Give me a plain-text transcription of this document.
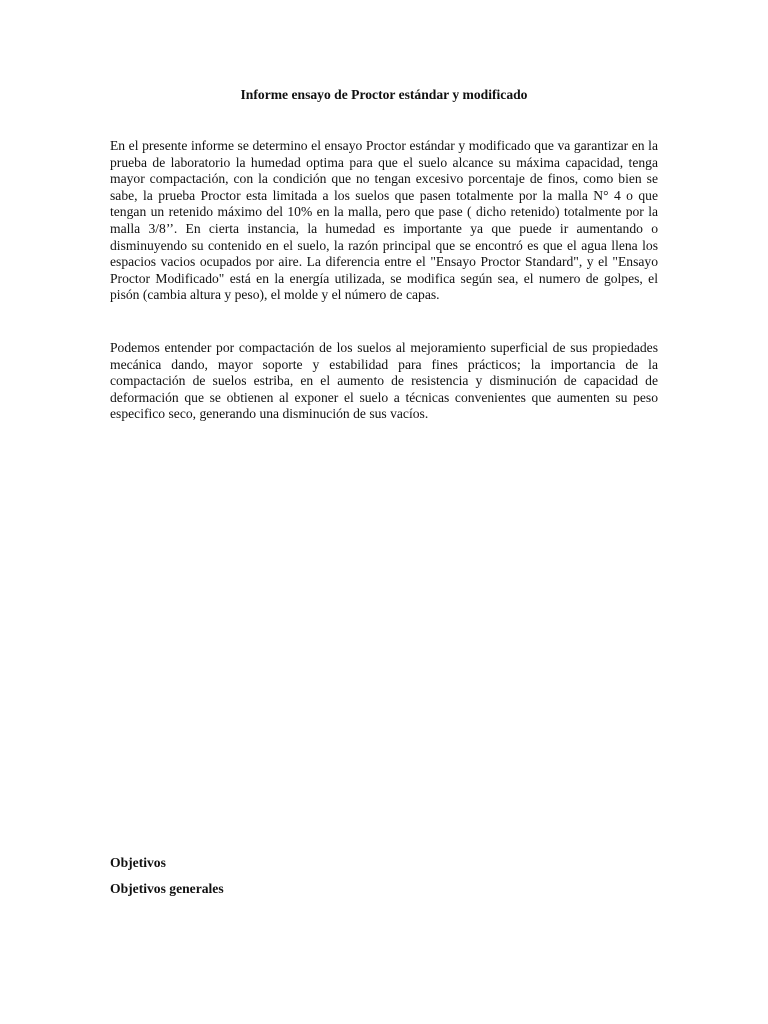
Informe ensayo de Proctor estándar y modificado

En el presente informe se determino el ensayo Proctor estándar y modificado que va garantizar en la prueba de laboratorio la humedad optima para que el suelo alcance su máxima capacidad, tenga mayor compactación, con la condición que no tengan excesivo porcentaje de finos, como bien se sabe, la prueba Proctor esta limitada a los suelos que pasen totalmente por la malla N° 4 o que tengan un retenido máximo del 10% en la malla, pero que pase ( dicho retenido) totalmente por la malla 3/8’’. En cierta instancia, la humedad es importante ya que puede ir aumentando o disminuyendo su contenido en el suelo, la razón principal que se encontró es que el agua llena los espacios vacios ocupados por aire. La diferencia entre el "Ensayo Proctor Standard", y el "Ensayo Proctor Modificado" está en la energía utilizada, se modifica según sea, el numero de golpes, el pisón (cambia altura y peso), el molde y el número de capas.

Podemos entender por compactación de los suelos al mejoramiento superficial de sus propiedades mecánica dando, mayor soporte y estabilidad para fines prácticos; la importancia de la compactación de suelos estriba, en el aumento de resistencia y disminución de capacidad de deformación que se obtienen al exponer el suelo a técnicas convenientes que aumenten su peso especifico seco, generando una disminución de sus vacíos.

Objetivos
Objetivos generales
